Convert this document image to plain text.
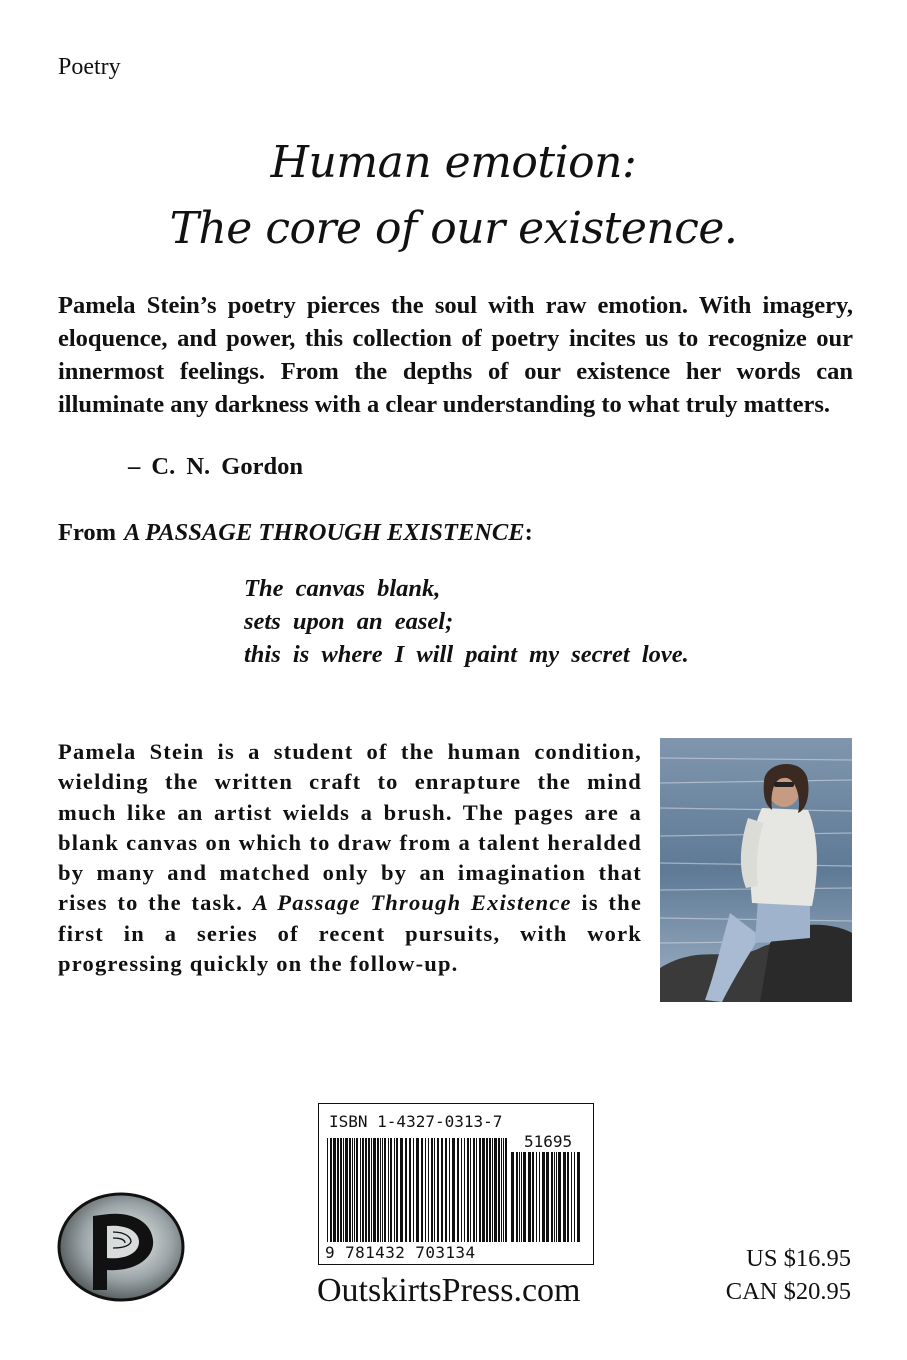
Poetry
Human emotion:
The core of our existence.
Pamela Stein’s poetry pierces the soul with raw emotion. With imagery, eloquence, and power, this collection of poetry incites us to recognize our innermost feelings. From the depths of our existence her words can illuminate any darkness with a clear understanding to what truly matters.
– C. N. Gordon
From A PASSAGE THROUGH EXISTENCE:
The canvas blank,
sets upon an easel;
this is where I will paint my secret love.
Pamela Stein is a student of the human condition, wielding the written craft to enrapture the mind much like an artist wields a brush. The pages are a blank canvas on which to draw from a talent heralded by many and matched only by an imagination that rises to the task. A Passage Through Existence is the first in a series of recent pursuits, with work progressing quickly on the follow-up.
ISBN 1-4327-0313-7
51695
9 781432 703134
OutskirtsPress.com
US $16.95
CAN $20.95
